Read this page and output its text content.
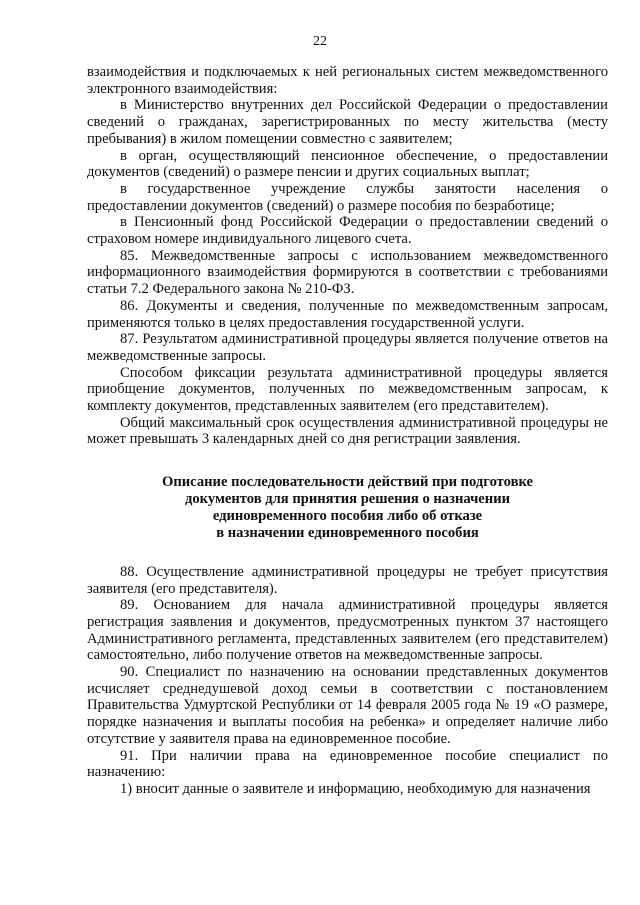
22

взаимодействия и подключаемых к ней региональных систем межведомственного электронного взаимодействия:

в Министерство внутренних дел Российской Федерации о предоставлении сведений о гражданах, зарегистрированных по месту жительства (месту пребывания) в жилом помещении совместно с заявителем;

в орган, осуществляющий пенсионное обеспечение, о предоставлении документов (сведений) о размере пенсии и других социальных выплат;

в государственное учреждение службы занятости населения о предоставлении документов (сведений) о размере пособия по безработице;

в Пенсионный фонд Российской Федерации о предоставлении сведений о страховом номере индивидуального лицевого счета.

85. Межведомственные запросы с использованием межведомственного информационного взаимодействия формируются в соответствии с требованиями статьи 7.2 Федерального закона № 210-ФЗ.

86. Документы и сведения, полученные по межведомственным запросам, применяются только в целях предоставления государственной услуги.

87. Результатом административной процедуры является получение ответов на межведомственные запросы.

Способом фиксации результата административной процедуры является приобщение документов, полученных по межведомственным запросам, к комплекту документов, представленных заявителем (его представителем).

Общий максимальный срок осуществления административной процедуры не может превышать 3 календарных дней со дня регистрации заявления.

Описание последовательности действий при подготовке
документов для принятия решения о назначении
единовременного пособия либо об отказе
в назначении единовременного пособия

88. Осуществление административной процедуры не требует присутствия заявителя (его представителя).

89. Основанием для начала административной процедуры является регистрация заявления и документов, предусмотренных пунктом 37 настоящего Административного регламента, представленных заявителем (его представителем) самостоятельно, либо получение ответов на межведомственные запросы.

90. Специалист по назначению на основании представленных документов исчисляет среднедушевой доход семьи в соответствии с постановлением Правительства Удмуртской Республики от 14 февраля 2005 года № 19 «О размере, порядке назначения и выплаты пособия на ребенка» и определяет наличие либо отсутствие у заявителя права на единовременное пособие.

91. При наличии права на единовременное пособие специалист по назначению:

1) вносит данные о заявителе и информацию, необходимую для назначения
